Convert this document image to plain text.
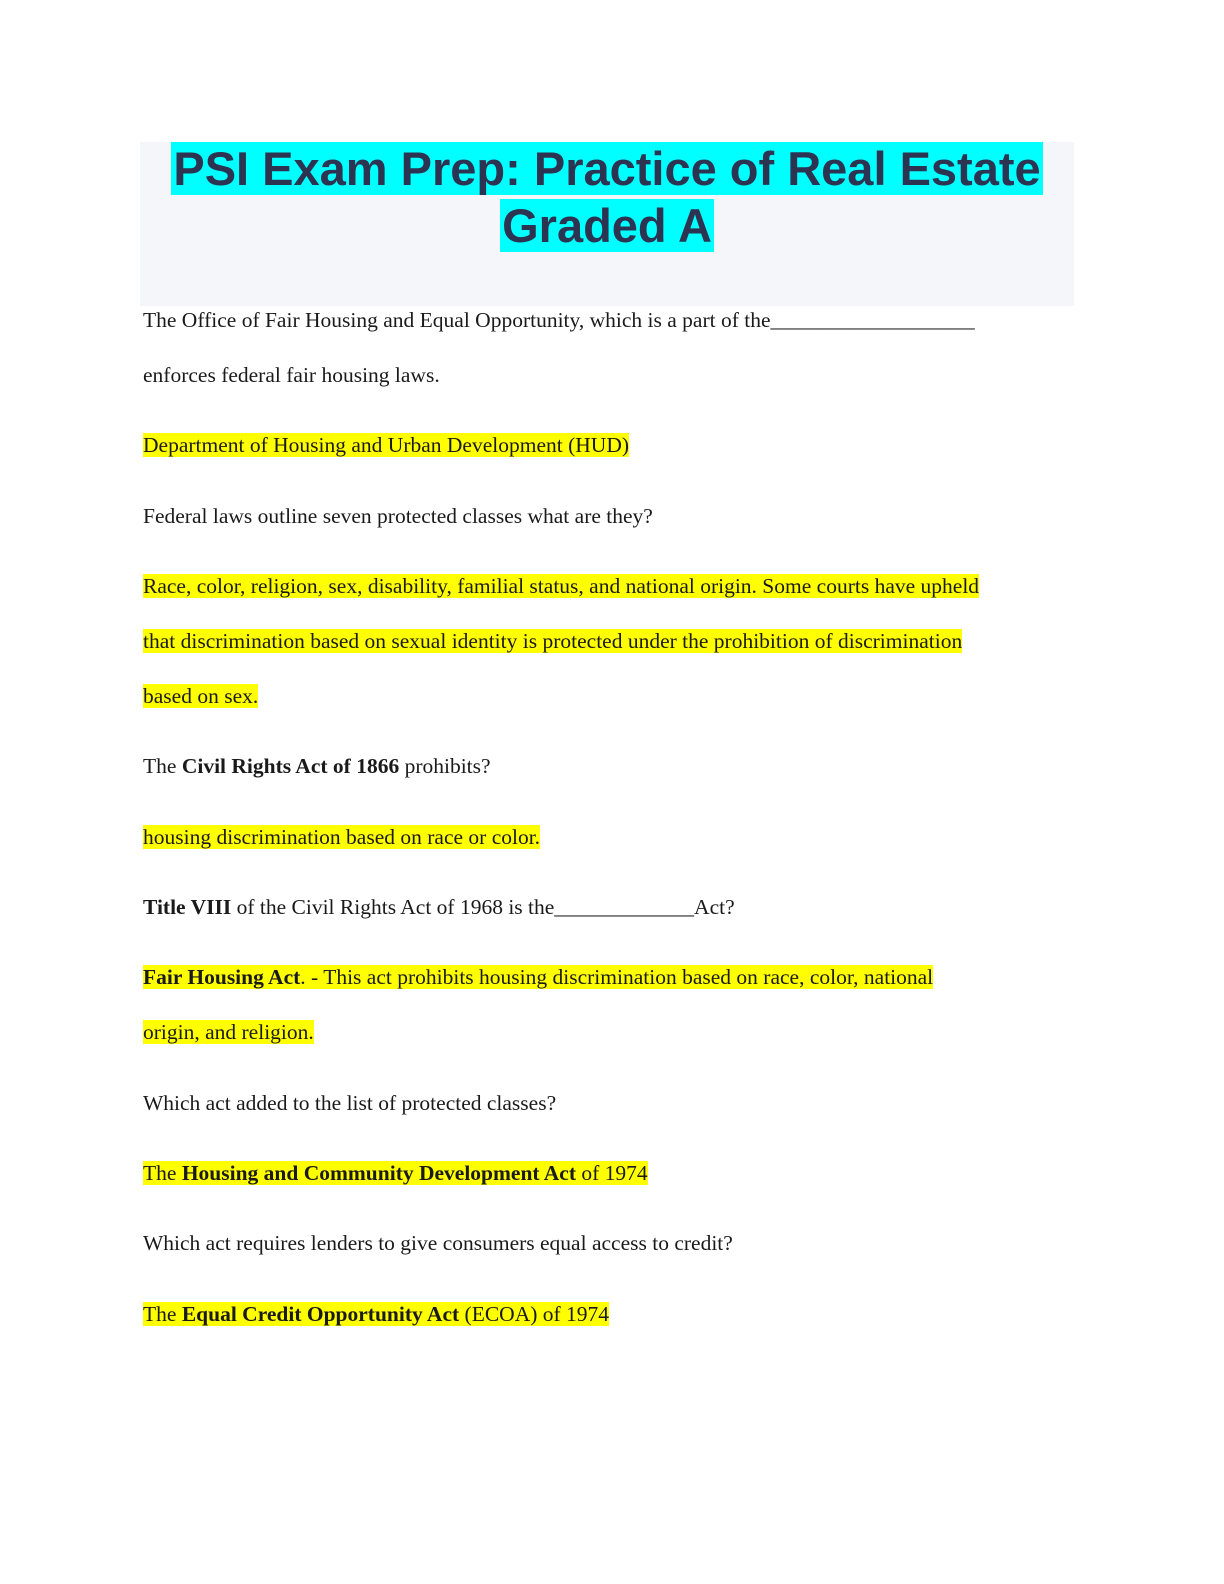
PSI Exam Prep: Practice of Real Estate
Graded A
The Office of Fair Housing and Equal Opportunity, which is a part of the___________________
enforces federal fair housing laws.
Department of Housing and Urban Development (HUD)
Federal laws outline seven protected classes what are they?
Race, color, religion, sex, disability, familial status, and national origin. Some courts have upheld
that discrimination based on sexual identity is protected under the prohibition of discrimination
based on sex.
The Civil Rights Act of 1866 prohibits?
housing discrimination based on race or color.
Title VIII of the Civil Rights Act of 1968 is the_____________Act?
Fair Housing Act. - This act prohibits housing discrimination based on race, color, national
origin, and religion.
Which act added to the list of protected classes?
The Housing and Community Development Act of 1974
Which act requires lenders to give consumers equal access to credit?
The Equal Credit Opportunity Act (ECOA) of 1974
